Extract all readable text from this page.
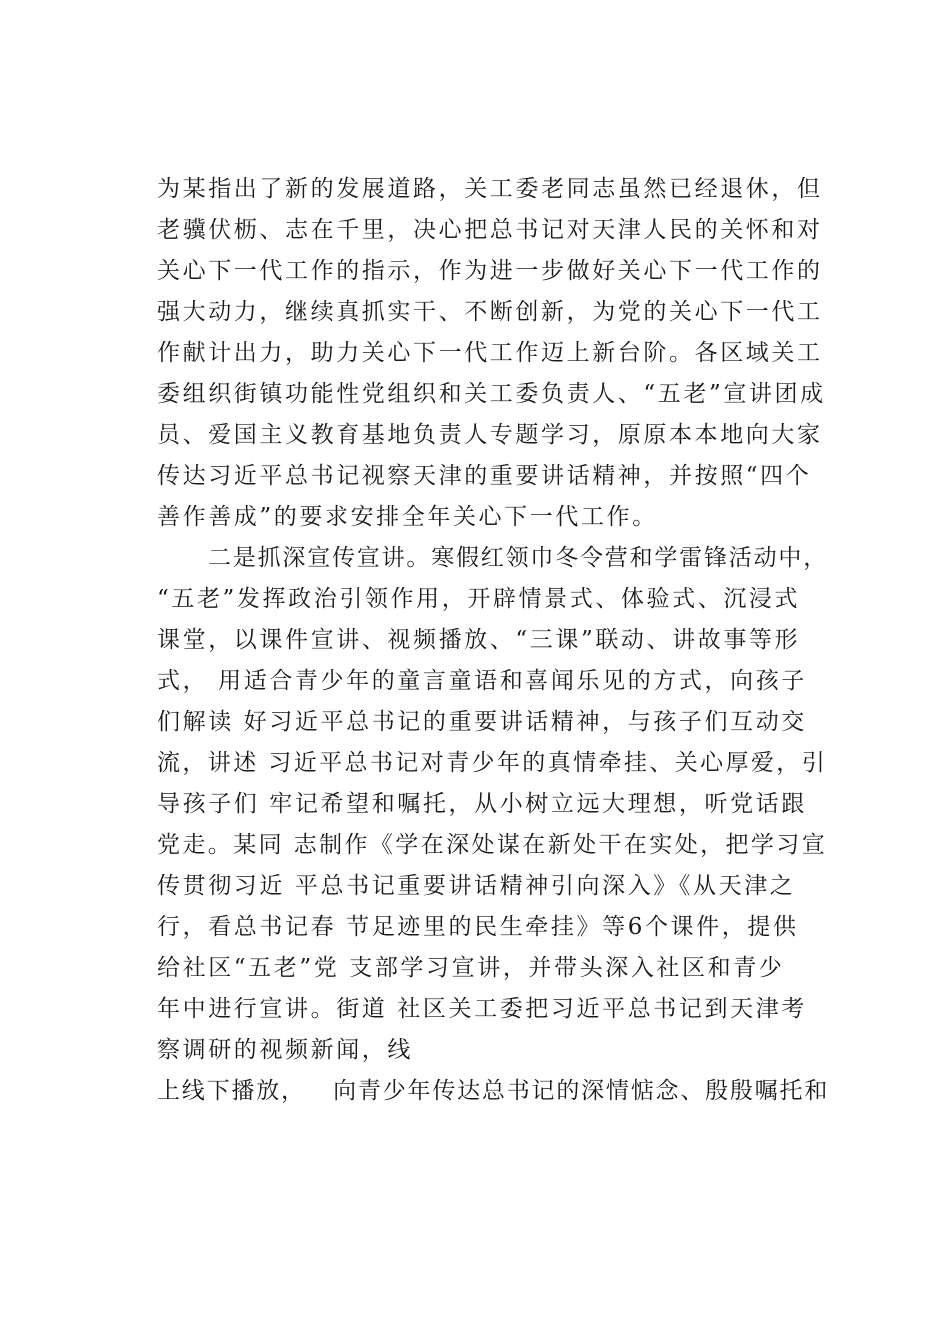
为某指出了新的发展道路，关工委老同志虽然已经退休，但
老骥伏枥、志在千里，决心把总书记对天津人民的关怀和对
关心下一代工作的指示，作为进一步做好关心下一代工作的
强大动力，继续真抓实干、不断创新，为党的关心下一代工
作献计出力，助力关心下一代工作迈上新台阶。各区域关工
委组织街镇功能性党组织和关工委负责人、“五老”宣讲团成
员、爱国主义教育基地负责人专题学习，原原本本地向大家
传达习近平总书记视察天津的重要讲话精神，并按照“四个
善作善成”的要求安排全年关心下一代工作。
二是抓深宣传宣讲。寒假红领巾冬令营和学雷锋活动中，
“五老”发挥政治引领作用，开辟情景式、体验式、沉浸式
课堂，以课件宣讲、视频播放、“三课”联动、讲故事等形
式， 用适合青少年的童言童语和喜闻乐见的方式，向孩子
们解读 好习近平总书记的重要讲话精神，与孩子们互动交
流，讲述 习近平总书记对青少年的真情牵挂、关心厚爱，引
导孩子们 牢记希望和嘱托，从小树立远大理想，听党话跟
党走。某同 志制作《学在深处谋在新处干在实处，把学习宣
传贯彻习近 平总书记重要讲话精神引向深入》《从天津之
行，看总书记春 节足迹里的民生牵挂》等6个课件，提供
给社区“五老”党 支部学习宣讲，并带头深入社区和青少
年中进行宣讲。街道 社区关工委把习近平总书记到天津考
察调研的视频新闻，线
上线下播放，   向青少年传达总书记的深情惦念、殷殷嘱托和
